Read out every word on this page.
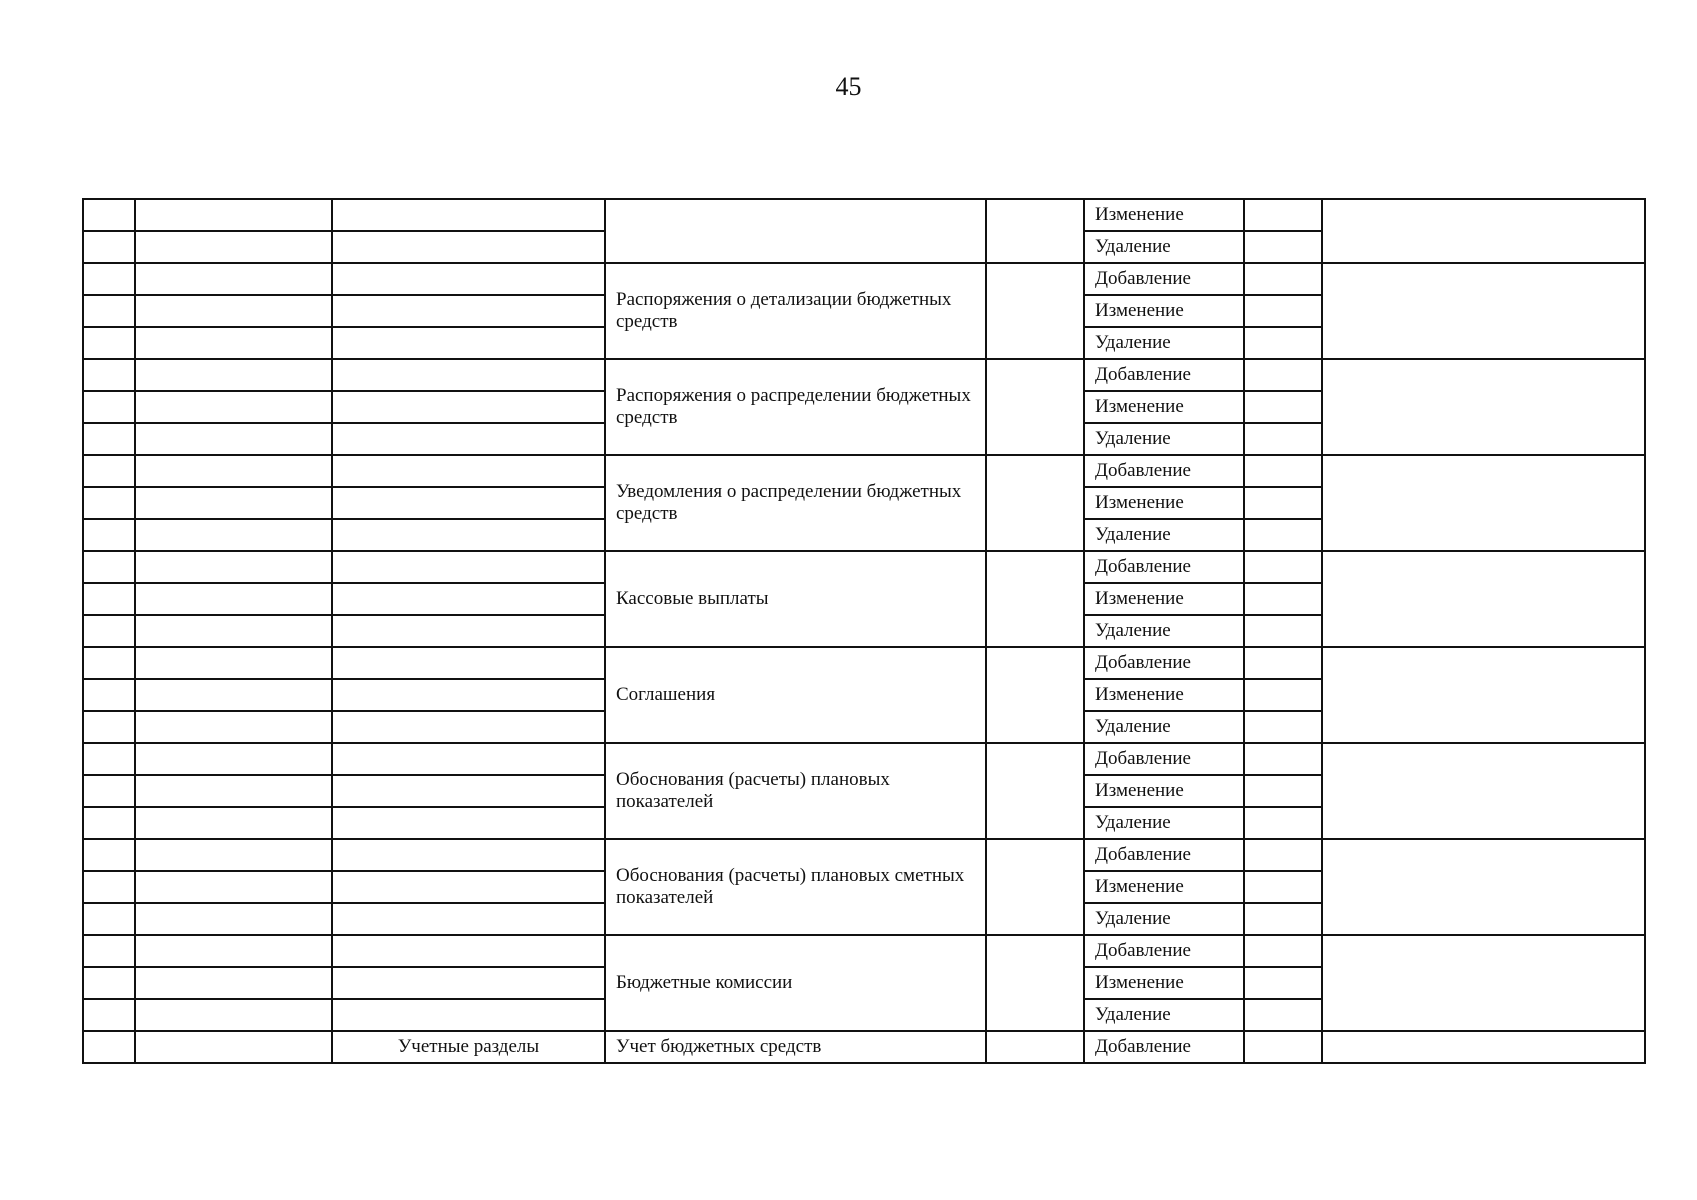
45
					Изменение		
					Удаление		
			Распоряжения о детализации бюджетных средств		Добавление		
					Изменение		
					Удаление		
			Распоряжения о распределении бюджетных средств		Добавление		
					Изменение		
					Удаление		
			Уведомления о распределении бюджетных средств		Добавление		
					Изменение		
					Удаление		
			Кассовые выплаты		Добавление		
					Изменение		
					Удаление		
			Соглашения		Добавление		
					Изменение		
					Удаление		
			Обоснования (расчеты) плановых показателей		Добавление		
					Изменение		
					Удаление		
			Обоснования (расчеты) плановых сметных показателей		Добавление		
					Изменение		
					Удаление		
			Бюджетные комиссии		Добавление		
					Изменение		
					Удаление		
		Учетные разделы	Учет бюджетных средств		Добавление		
